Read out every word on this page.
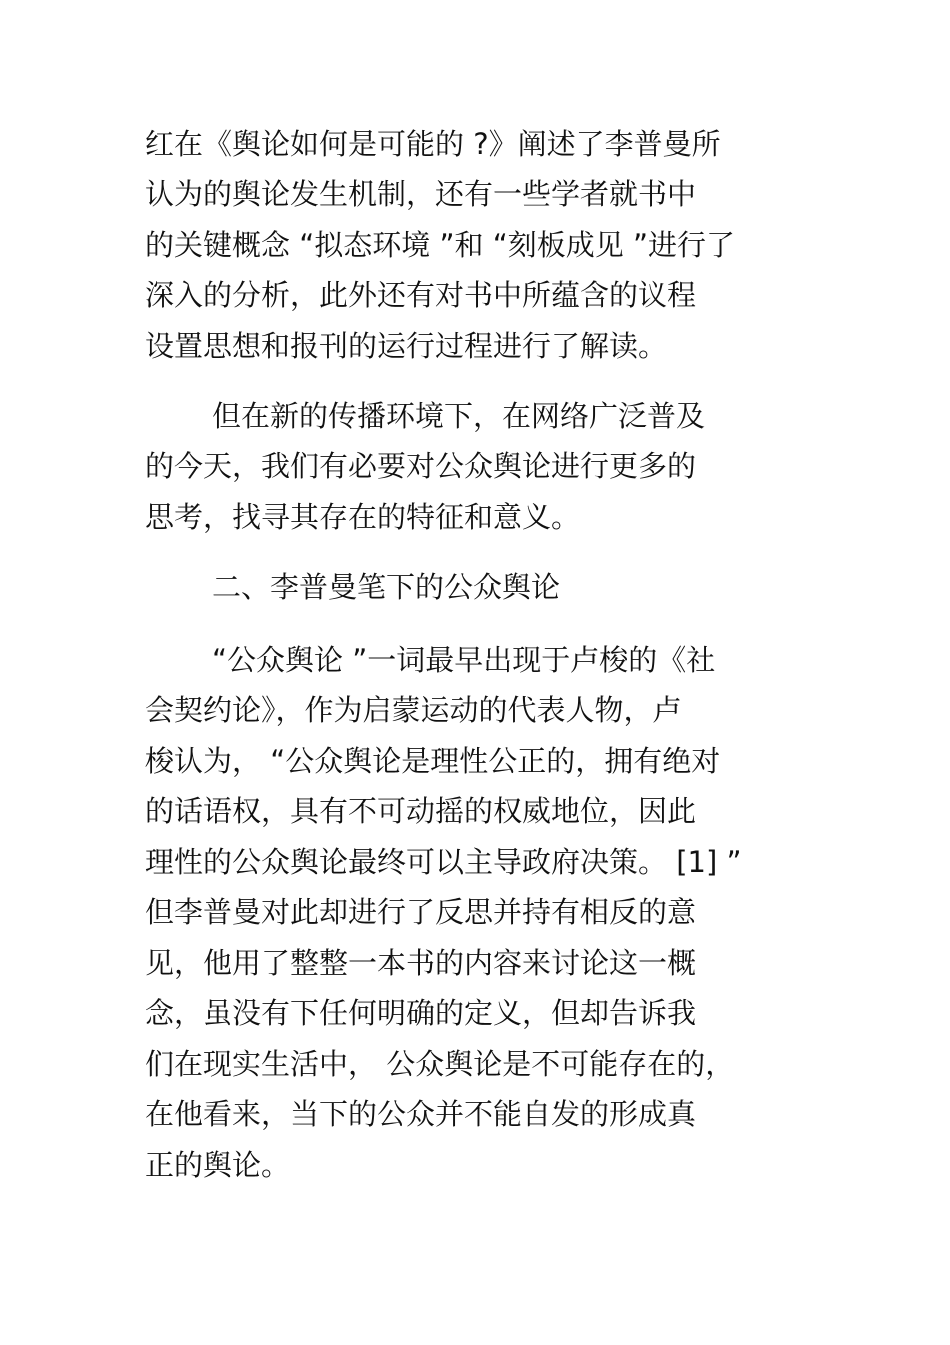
红在《舆论如何是可能的 ?》阐述了李普曼所
认为的舆论发生机制，还有一些学者就书中
的关键概念 “拟态环境 ”和 “刻板成见 ”进行了
深入的分析，此外还有对书中所蕴含的议程
设置思想和报刊的运行过程进行了解读。
但在新的传播环境下，在网络广泛普及
的今天，我们有必要对公众舆论进行更多的
思考，找寻其存在的特征和意义。
二、李普曼笔下的公众舆论
“公众舆论 ”一词最早出现于卢梭的《社
会契约论》，作为启蒙运动的代表人物，卢
梭认为， “公众舆论是理性公正的，拥有绝对
的话语权，具有不可动摇的权威地位，因此
理性的公众舆论最终可以主导政府决策。 [1] ”
但李普曼对此却进行了反思并持有相反的意
见，他用了整整一本书的内容来讨论这一概
念，虽没有下任何明确的定义，但却告诉我
们在现实生活中， 公众舆论是不可能存在的，
在他看来，当下的公众并不能自发的形成真
正的舆论。
